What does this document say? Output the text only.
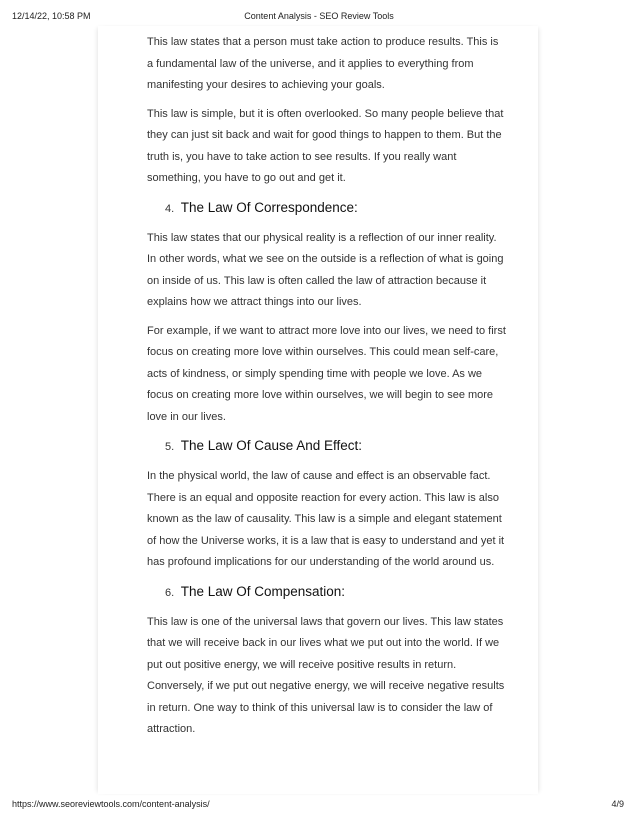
12/14/22, 10:58 PM	Content Analysis - SEO Review Tools

This law states that a person must take action to produce results. This is a fundamental law of the universe, and it applies to everything from manifesting your desires to achieving your goals.

This law is simple, but it is often overlooked. So many people believe that they can just sit back and wait for good things to happen to them. But the truth is, you have to take action to see results. If you really want something, you have to go out and get it.

4. The Law Of Correspondence:

This law states that our physical reality is a reflection of our inner reality. In other words, what we see on the outside is a reflection of what is going on inside of us. This law is often called the law of attraction because it explains how we attract things into our lives.

For example, if we want to attract more love into our lives, we need to first focus on creating more love within ourselves. This could mean self-care, acts of kindness, or simply spending time with people we love. As we focus on creating more love within ourselves, we will begin to see more love in our lives.

5. The Law Of Cause And Effect:

In the physical world, the law of cause and effect is an observable fact. There is an equal and opposite reaction for every action. This law is also known as the law of causality. This law is a simple and elegant statement of how the Universe works, it is a law that is easy to understand and yet it has profound implications for our understanding of the world around us.

6. The Law Of Compensation:

This law is one of the universal laws that govern our lives. This law states that we will receive back in our lives what we put out into the world. If we put out positive energy, we will receive positive results in return. Conversely, if we put out negative energy, we will receive negative results in return. One way to think of this universal law is to consider the law of attraction.

https://www.seoreviewtools.com/content-analysis/	4/9
